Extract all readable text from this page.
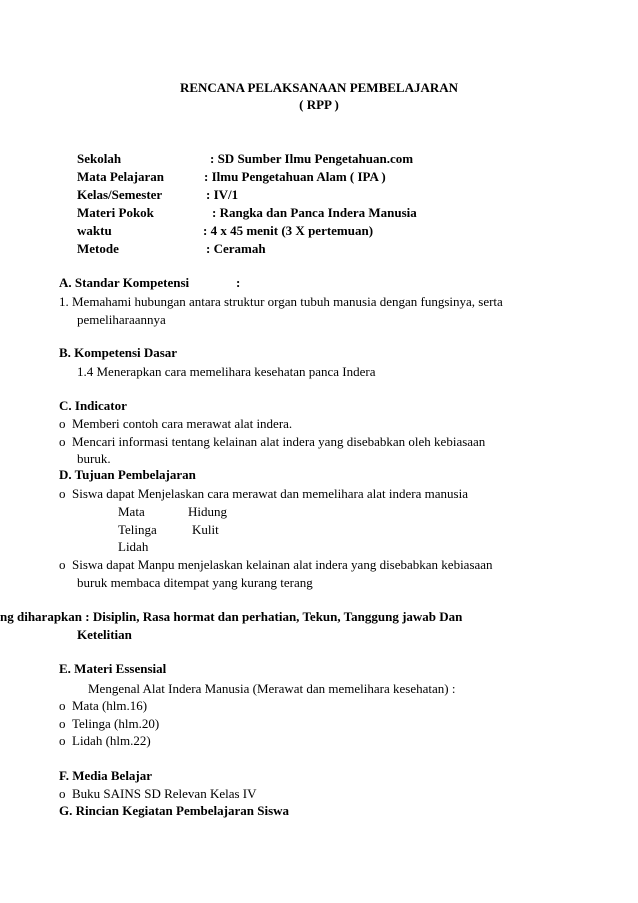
RENCANA PELAKSANAAN PEMBELAJARAN
( RPP )
Sekolah	: SD Sumber Ilmu Pengetahuan.com
Mata Pelajaran	: Ilmu Pengetahuan Alam ( IPA )
Kelas/Semester	: IV/1
Materi Pokok	: Rangka dan Panca Indera Manusia
waktu	: 4 x 45 menit (3 X pertemuan)
Metode	: Ceramah
A. Standar Kompetensi	:
1. Memahami hubungan antara struktur organ tubuh manusia dengan fungsinya, serta
pemeliharaannya
B. Kompetensi Dasar
1.4 Menerapkan cara memelihara kesehatan panca Indera
C. Indicator
o Memberi contoh cara merawat alat indera.
o Mencari informasi tentang kelainan alat indera yang disebabkan oleh kebiasaan
buruk.
D. Tujuan Pembelajaran
o Siswa dapat Menjelaskan cara merawat dan memelihara alat indera manusia
Mata	Hidung
Telinga	Kulit
Lidah
o Siswa dapat Manpu menjelaskan kelainan alat indera yang disebabkan kebiasaan
buruk membaca ditempat yang kurang terang
ng diharapkan : Disiplin, Rasa hormat dan perhatian, Tekun, Tanggung jawab Dan
Ketelitian
E. Materi Essensial
Mengenal Alat Indera Manusia (Merawat dan memelihara kesehatan) :
o Mata (hlm.16)
o Telinga (hlm.20)
o Lidah (hlm.22)
F. Media Belajar
o Buku SAINS SD Relevan Kelas IV
G. Rincian Kegiatan Pembelajaran Siswa
